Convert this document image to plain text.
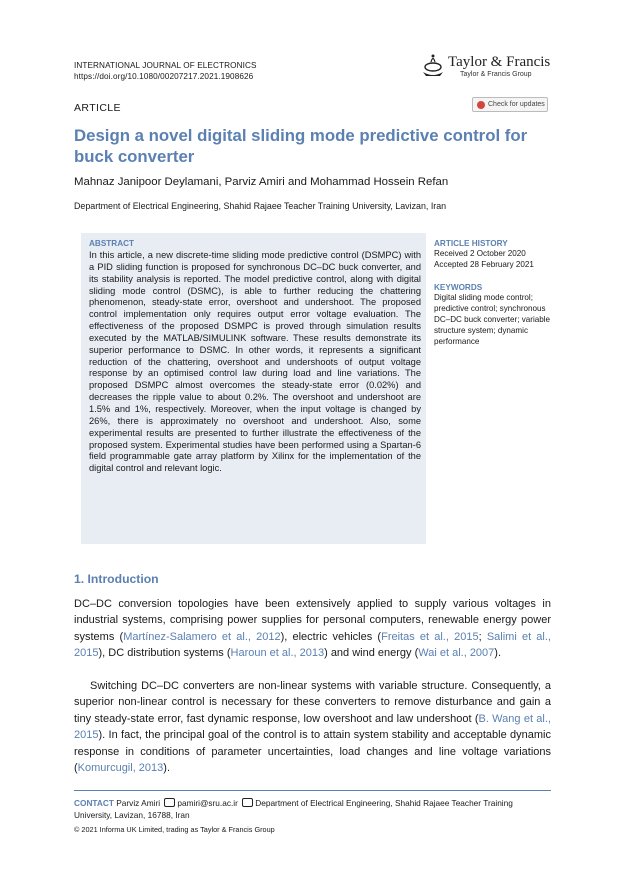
INTERNATIONAL JOURNAL OF ELECTRONICS
https://doi.org/10.1080/00207217.2021.1908626
Taylor & Francis
Taylor & Francis Group
ARTICLE	Check for updates
Design a novel digital sliding mode predictive control for buck converter
Mahnaz Janipoor Deylamani, Parviz Amiri and Mohammad Hossein Refan
Department of Electrical Engineering, Shahid Rajaee Teacher Training University, Lavizan, Iran
ABSTRACT
In this article, a new discrete-time sliding mode predictive control (DSMPC) with a PID sliding function is proposed for synchronous DC–DC buck converter, and its stability analysis is reported. The model predictive control, along with digital sliding mode control (DSMC), is able to further reducing the chattering phenomenon, steady-state error, overshoot and undershoot. The proposed control implementation only requires output error voltage evaluation. The effectiveness of the proposed DSMPC is proved through simulation results executed by the MATLAB/SIMULINK software. These results demonstrate its superior performance to DSMC. In other words, it represents a significant reduction of the chattering, overshoot and undershoots of output voltage response by an optimised control law during load and line variations. The proposed DSMPC almost overcomes the steady-state error (0.02%) and decreases the ripple value to about 0.2%. The overshoot and undershoot are 1.5% and 1%, respectively. Moreover, when the input voltage is changed by 26%, there is approximately no overshoot and undershoot. Also, some experimental results are presented to further illustrate the effectiveness of the proposed system. Experimental studies have been performed using a Spartan-6 field programmable gate array platform by Xilinx for the implementation of the digital control and relevant logic.
ARTICLE HISTORY
Received 2 October 2020
Accepted 28 February 2021
KEYWORDS
Digital sliding mode control; predictive control; synchronous DC–DC buck converter; variable structure system; dynamic performance
1. Introduction

DC–DC conversion topologies have been extensively applied to supply various voltages in industrial systems, comprising power supplies for personal computers, renewable energy power systems (Martínez-Salamero et al., 2012), electric vehicles (Freitas et al., 2015; Salimi et al., 2015), DC distribution systems (Haroun et al., 2013) and wind energy (Wai et al., 2007).

Switching DC–DC converters are non-linear systems with variable structure. Consequently, a superior non-linear control is necessary for these converters to remove disturbance and gain a tiny steady-state error, fast dynamic response, low overshoot and law undershoot (B. Wang et al., 2015). In fact, the principal goal of the control is to attain system stability and acceptable dynamic response in conditions of parameter uncertainties, load changes and line voltage variations (Komurcugil, 2013).

CONTACT Parviz Amiri pamiri@sru.ac.ir Department of Electrical Engineering, Shahid Rajaee Teacher Training University, Lavizan, 16788, Iran
© 2021 Informa UK Limited, trading as Taylor & Francis Group
